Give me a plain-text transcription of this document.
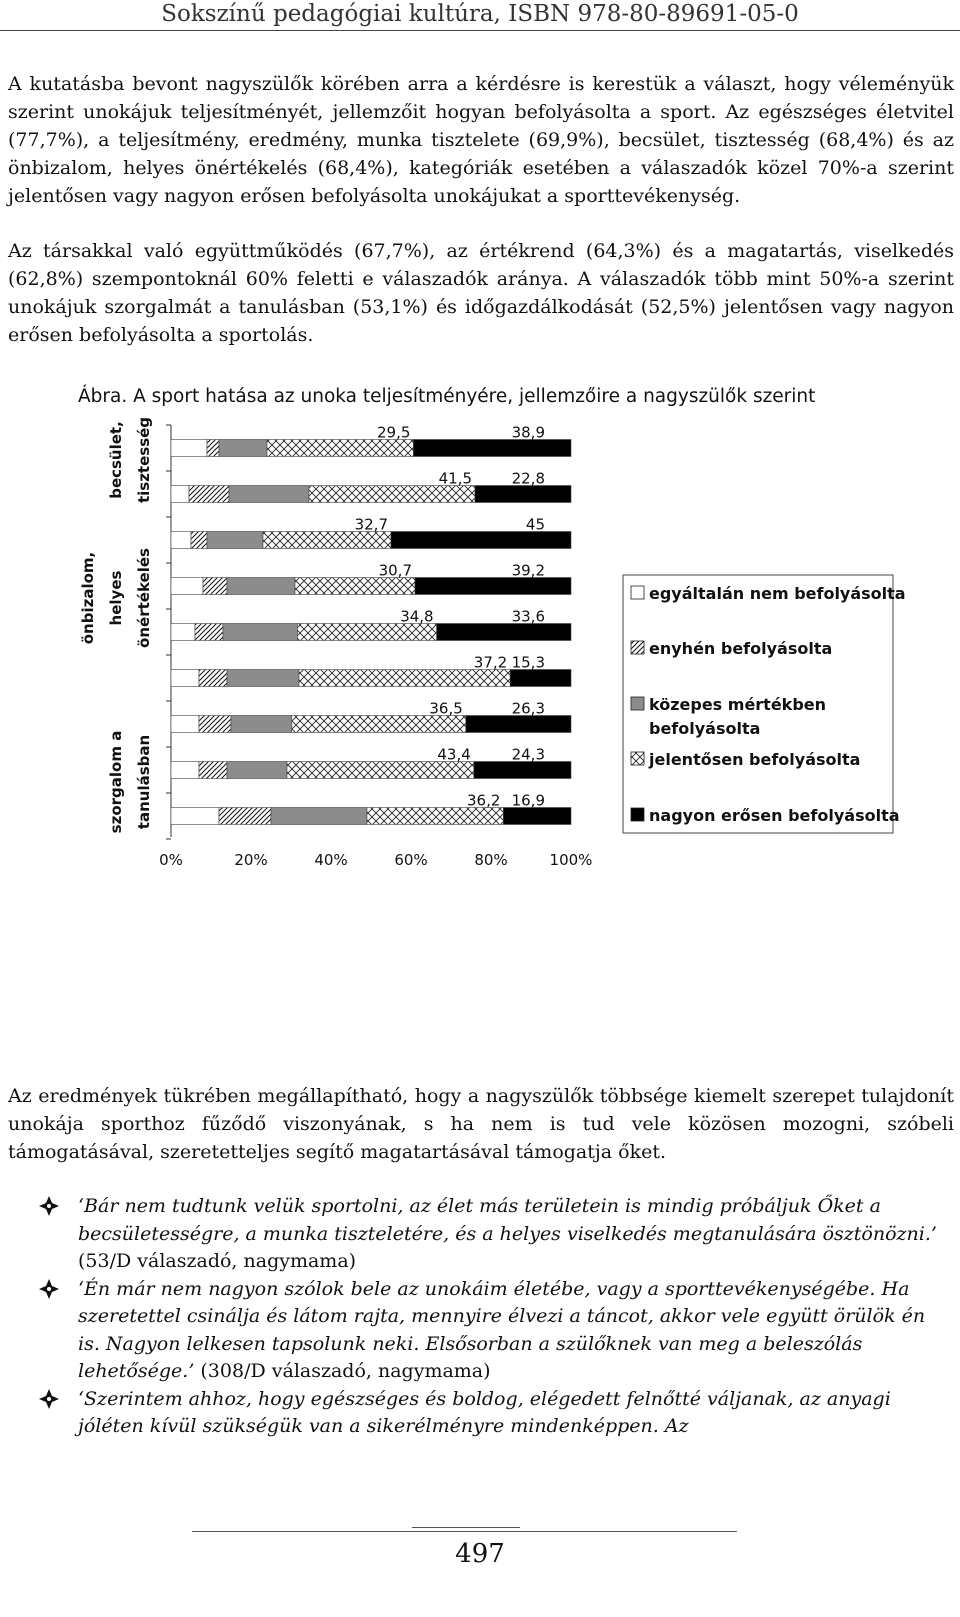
Sokszínű pedagógiai kultúra, ISBN 978-80-89691-05-0

A kutatásba bevont nagyszülők körében arra a kérdésre is kerestük a választ, hogy véleményük szerint unokájuk teljesítményét, jellemzőit hogyan befolyásolta a sport. Az egészséges életvitel (77,7%), a teljesítmény, eredmény, munka tisztelete (69,9%), becsület, tisztesség (68,4%) és az önbizalom, helyes önértékelés (68,4%), kategóriák esetében a válaszadók közel 70%-a szerint jelentősen vagy nagyon erősen befolyásolta unokájukat a sporttevékenység.

Az társakkal való együttműködés (67,7%), az értékrend (64,3%) és a magatartás, viselkedés (62,8%) szempontoknál 60% feletti e válaszadók aránya. A válaszadók több mint 50%-a szerint unokájuk szorgalmát a tanulásban (53,1%) és időgazdálkodását (52,5%) jelentősen vagy nagyon erősen befolyásolta a sportolás.

Ábra. A sport hatása az unoka teljesítményére, jellemzőire a nagyszülők szerint
29,5	38,9
41,5	22,8
32,7	45
30,7	39,2
34,8	33,6
37,2 15,3
36,5	26,3
43,4	24,3
36,2 16,9
0%	20%	40%	60%	80%	100%
becsület, tisztesség
önbizalom, helyes önértékelés
szorgalom a tanulásban
egyáltalán nem befolyásolta
enyhén befolyásolta
közepes mértékben
befolyásolta
jelentősen befolyásolta
nagyon erősen befolyásolta

Az eredmények tükrében megállapítható, hogy a nagyszülők többsége kiemelt szerepet tulajdonít unokája sporthoz fűződő viszonyának, s ha nem is tud vele közösen mozogni, szóbeli támogatásával, szeretetteljes segítő magatartásával támogatja őket.

‘Bár nem tudtunk velük sportolni, az élet más területein is mindig próbáljuk Őket a becsületességre, a munka tiszteletére, és a helyes viselkedés megtanulására ösztönözni.’ (53/D válaszadó, nagymama)
‘Én már nem nagyon szólok bele az unokáim életébe, vagy a sporttevékenységébe. Ha szeretettel csinálja és látom rajta, mennyire élvezi a táncot, akkor vele együtt örülök én is. Nagyon lelkesen tapsolunk neki. Elsősorban a szülőknek van meg a beleszólás lehetősége.’ (308/D válaszadó, nagymama)
‘Szerintem ahhoz, hogy egészséges és boldog, elégedett felnőtté váljanak, az anyagi jóléten kívül szükségük van a sikerélményre mindenképpen. Az
497
